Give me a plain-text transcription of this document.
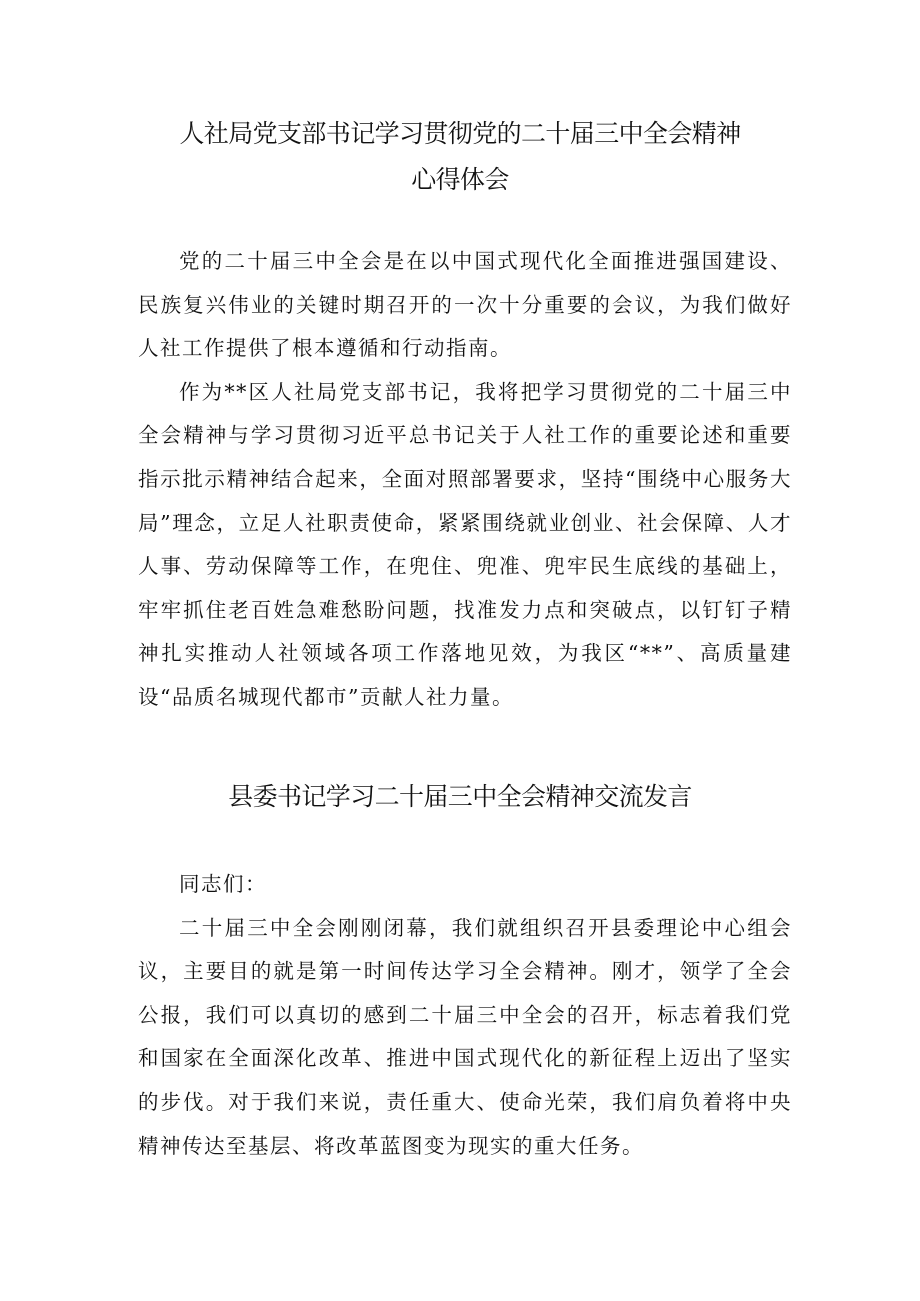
人社局党支部书记学习贯彻党的二十届三中全会精神
心得体会

党的二十届三中全会是在以中国式现代化全面推进强国建设、民族复兴伟业的关键时期召开的一次十分重要的会议，为我们做好人社工作提供了根本遵循和行动指南。

作为**区人社局党支部书记，我将把学习贯彻党的二十届三中全会精神与学习贯彻习近平总书记关于人社工作的重要论述和重要指示批示精神结合起来，全面对照部署要求，坚持“围绕中心服务大局”理念，立足人社职责使命，紧紧围绕就业创业、社会保障、人才人事、劳动保障等工作，在兜住、兜准、兜牢民生底线的基础上，牢牢抓住老百姓急难愁盼问题，找准发力点和突破点，以钉钉子精神扎实推动人社领域各项工作落地见效，为我区“**”、高质量建设“品质名城现代都市”贡献人社力量。

县委书记学习二十届三中全会精神交流发言

同志们：

二十届三中全会刚刚闭幕，我们就组织召开县委理论中心组会议，主要目的就是第一时间传达学习全会精神。刚才，领学了全会公报，我们可以真切的感到二十届三中全会的召开，标志着我们党和国家在全面深化改革、推进中国式现代化的新征程上迈出了坚实的步伐。对于我们来说，责任重大、使命光荣，我们肩负着将中央精神传达至基层、将改革蓝图变为现实的重大任务。
